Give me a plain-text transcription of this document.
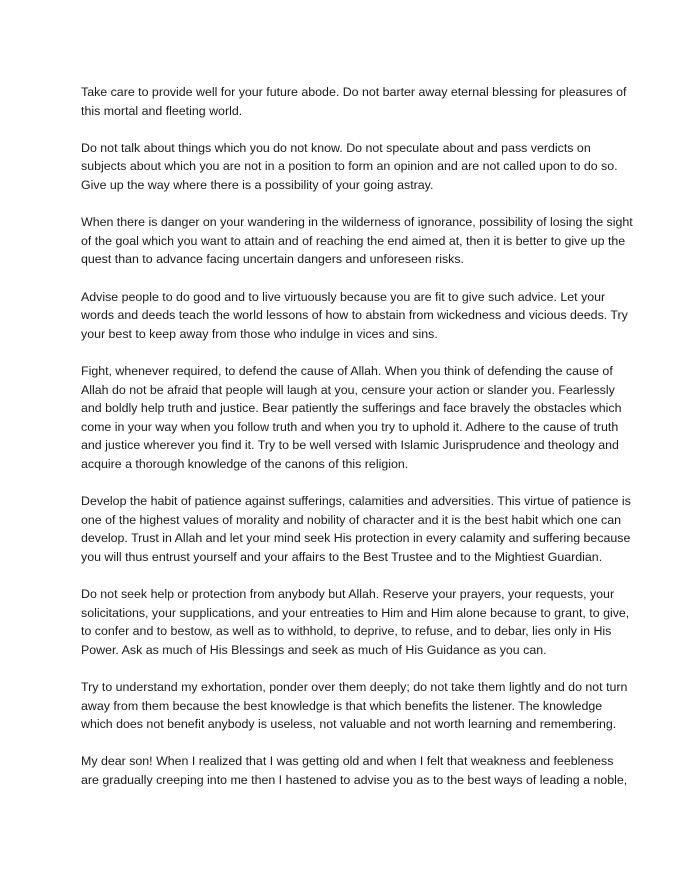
Take care to provide well for your future abode. Do not barter away eternal blessing for pleasures of
this mortal and fleeting world.

Do not talk about things which you do not know. Do not speculate about and pass verdicts on
subjects about which you are not in a position to form an opinion and are not called upon to do so.
Give up the way where there is a possibility of your going astray.

When there is danger on your wandering in the wilderness of ignorance, possibility of losing the sight
of the goal which you want to attain and of reaching the end aimed at, then it is better to give up the
quest than to advance facing uncertain dangers and unforeseen risks.

Advise people to do good and to live virtuously because you are fit to give such advice. Let your
words and deeds teach the world lessons of how to abstain from wickedness and vicious deeds. Try
your best to keep away from those who indulge in vices and sins.

Fight, whenever required, to defend the cause of Allah. When you think of defending the cause of
Allah do not be afraid that people will laugh at you, censure your action or slander you. Fearlessly
and boldly help truth and justice. Bear patiently the sufferings and face bravely the obstacles which
come in your way when you follow truth and when you try to uphold it. Adhere to the cause of truth
and justice wherever you find it. Try to be well versed with Islamic Jurisprudence and theology and
acquire a thorough knowledge of the canons of this religion.

Develop the habit of patience against sufferings, calamities and adversities. This virtue of patience is
one of the highest values of morality and nobility of character and it is the best habit which one can
develop. Trust in Allah and let your mind seek His protection in every calamity and suffering because
you will thus entrust yourself and your affairs to the Best Trustee and to the Mightiest Guardian.

Do not seek help or protection from anybody but Allah. Reserve your prayers, your requests, your
solicitations, your supplications, and your entreaties to Him and Him alone because to grant, to give,
to confer and to bestow, as well as to withhold, to deprive, to refuse, and to debar, lies only in His
Power. Ask as much of His Blessings and seek as much of His Guidance as you can.

Try to understand my exhortation, ponder over them deeply; do not take them lightly and do not turn
away from them because the best knowledge is that which benefits the listener. The knowledge
which does not benefit anybody is useless, not valuable and not worth learning and remembering.

My dear son! When I realized that I was getting old and when I felt that weakness and feebleness
are gradually creeping into me then I hastened to advise you as to the best ways of leading a noble,
